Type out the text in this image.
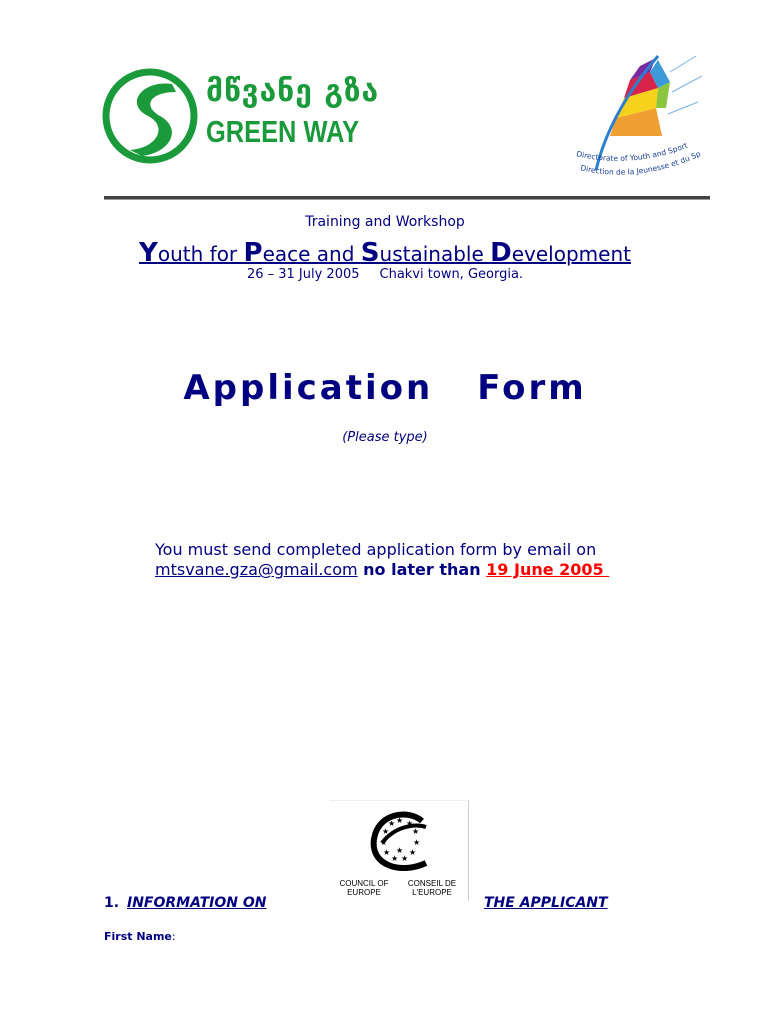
მწვანე გზა
GREEN WAY
Directorate of Youth and Sport
Direction de la Jeunesse et du Sp
Training and Workshop
Youth for Peace and Sustainable Development
26 – 31 July 2005 Chakvi town, Georgia.
Application Form
(Please type)
You must send completed application form by email on
mtsvane.gza@gmail.com no later than 19 June 2005
★ ★
★
★
★
★
★
★
★
★
★
★
COUNCIL OF EUROPE
CONSEIL DE L'EUROPE
1. INFORMATION ON	THE APPLICANT
First Name:
